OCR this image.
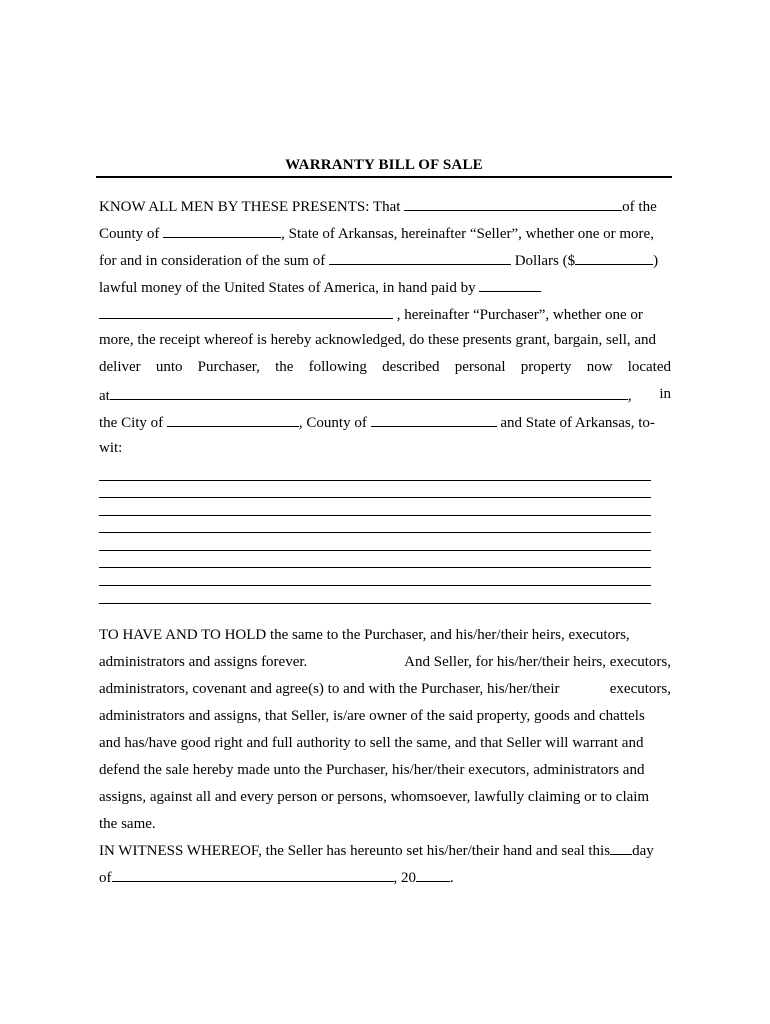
WARRANTY BILL OF SALE
KNOW ALL MEN BY THESE PRESENTS: That	of the
County of	, State of Arkansas, hereinafter “Seller”, whether one or more,
for and in consideration of the sum of	Dollars ($	)
lawful money of the United States of America, in hand paid by
, hereinafter “Purchaser”, whether one or
more, the receipt whereof is hereby acknowledged, do these presents grant, bargain, sell, and
deliver unto Purchaser, the following described personal property now located
at	, in
the City of	, County of	and State of Arkansas, to-
wit:
TO HAVE AND TO HOLD the same to the Purchaser, and his/her/their heirs, executors,
administrators and assigns forever.	And Seller, for his/her/their heirs, executors,
administrators, covenant and agree(s) to and with the Purchaser, his/her/their	executors,
administrators and assigns, that Seller, is/are owner of the said property, goods and chattels
and has/have good right and full authority to sell the same, and that Seller will warrant and
defend the sale hereby made unto the Purchaser, his/her/their executors, administrators and
assigns, against all and every person or persons, whomsoever, lawfully claiming or to claim
the same.
IN WITNESS WHEREOF, the Seller has hereunto set his/her/their hand and seal this day
of	, 20 .
